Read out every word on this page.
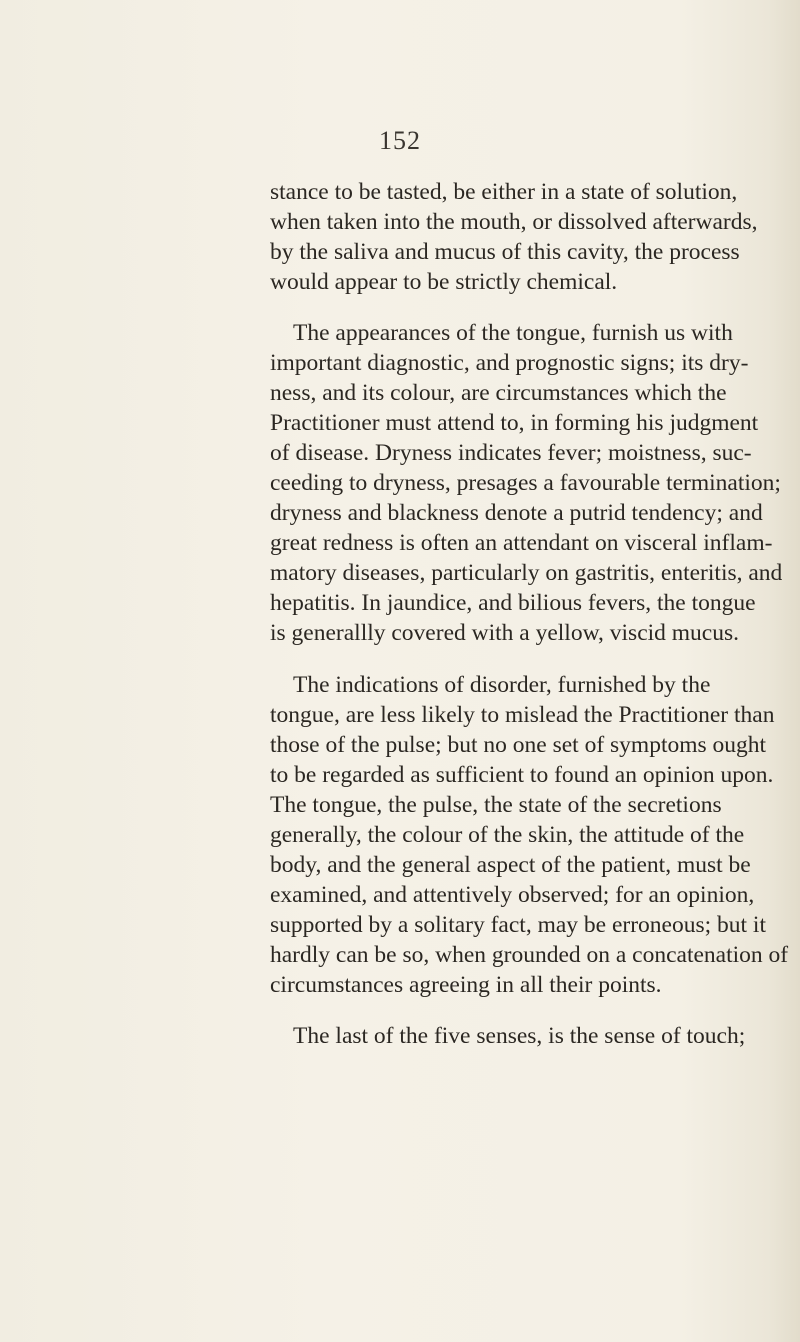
152
stance to be tasted, be either in a state of solution,
when taken into the mouth, or dissolved afterwards,
by the saliva and mucus of this cavity, the process
would appear to be strictly chemical.
The appearances of the tongue, furnish us with
important diagnostic, and prognostic signs; its dry-
ness, and its colour, are circumstances which the
Practitioner must attend to, in forming his judgment
of disease. Dryness indicates fever; moistness, suc-
ceeding to dryness, presages a favourable termination;
dryness and blackness denote a putrid tendency; and
great redness is often an attendant on visceral inflam-
matory diseases, particularly on gastritis, enteritis, and
hepatitis. In jaundice, and bilious fevers, the tongue
is generallly covered with a yellow, viscid mucus.
The indications of disorder, furnished by the
tongue, are less likely to mislead the Practitioner than
those of the pulse; but no one set of symptoms ought
to be regarded as sufficient to found an opinion upon.
The tongue, the pulse, the state of the secretions
generally, the colour of the skin, the attitude of the
body, and the general aspect of the patient, must be
examined, and attentively observed; for an opinion,
supported by a solitary fact, may be erroneous; but it
hardly can be so, when grounded on a concatenation of
circumstances agreeing in all their points.
The last of the five senses, is the sense of touch;
